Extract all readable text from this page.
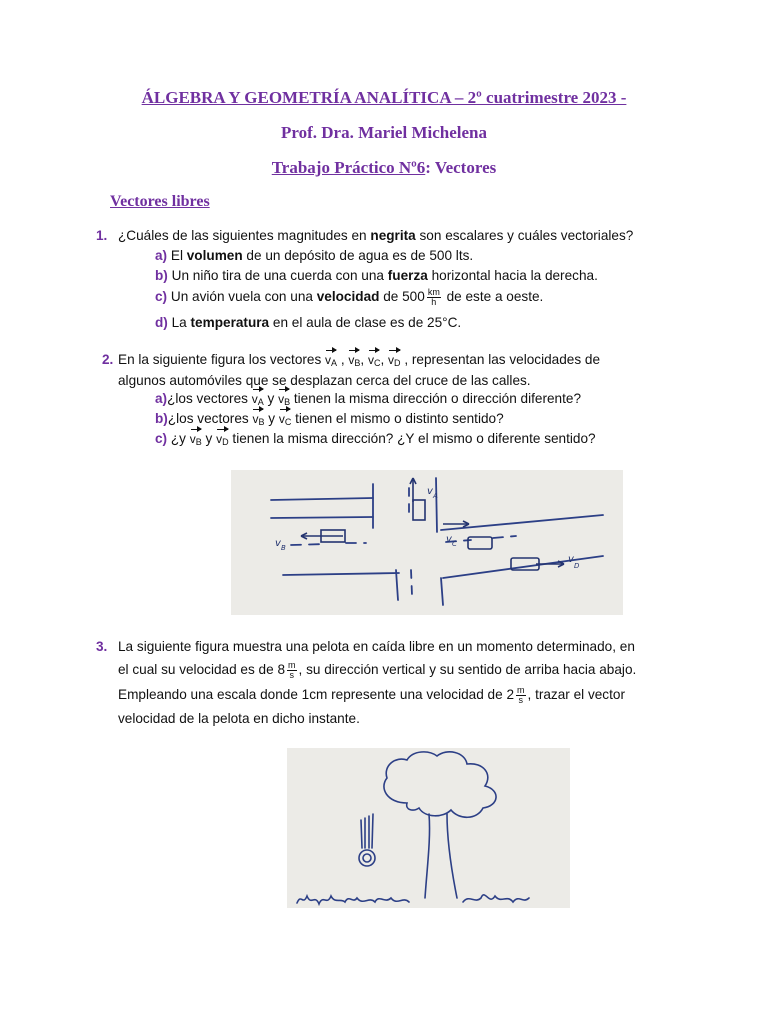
ÁLGEBRA Y GEOMETRÍA ANALÍTICA – 2º cuatrimestre 2023 -
Prof. Dra. Mariel Michelena
Trabajo Práctico Nº6: Vectores
Vectores libres
1. ¿Cuáles de las siguientes magnitudes en negrita son escalares y cuáles vectoriales?
a) El volumen de un depósito de agua es de 500 lts.
b) Un niño tira de una cuerda con una fuerza horizontal hacia la derecha.
c) Un avión vuela con una velocidad de $500 \frac{km}{h}$ de este a oeste.
d) La temperatura en el aula de clase es de 25°C.
2. En la siguiente figura los vectores $v_A$ , $v_B$, $v_C$, $v_D$ , representan las velocidades de
algunos automóviles que se desplazan cerca del cruce de las calles.
a)¿los vectores $v_A$ y $v_B$ tienen la misma dirección o dirección diferente?
b)¿los vectores $v_B$ y $v_C$ tienen el mismo o distinto sentido?
c) ¿y $v_B$ y $v_D$ tienen la misma dirección? ¿Y el mismo o diferente sentido?
v B
v A
v C
v
D
3. La siguiente figura muestra una pelota en caída libre en un momento determinado, en
el cual su velocidad es de $8 \frac{m}{s}$ , su dirección vertical y su sentido de arriba hacia abajo.
Empleando una escala donde 1cm represente una velocidad de $2 \frac{m}{s}$ , trazar el vector
velocidad de la pelota en dicho instante.
